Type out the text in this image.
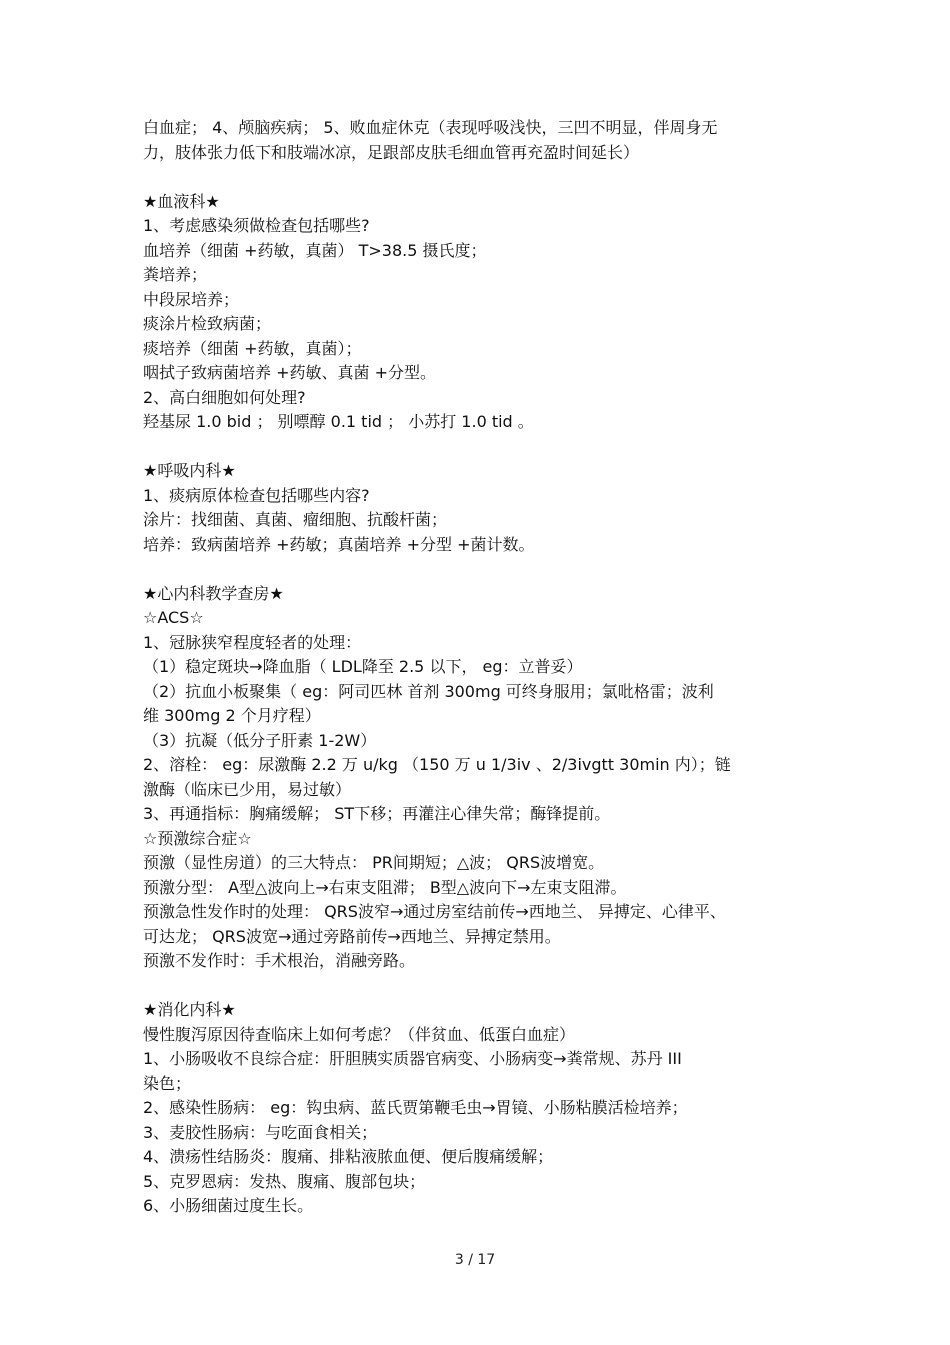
白血症； 4、颅脑疾病； 5、败血症休克（表现呼吸浅快，三凹不明显，伴周身无

力，肢体张力低下和肢端冰凉，足跟部皮肤毛细血管再充盈时间延长）

★血液科★

1、考虑感染须做检查包括哪些?

血培养（细菌 +药敏，真菌） T>38.5 摄氏度；

粪培养；

中段尿培养；

痰涂片检致病菌；

痰培养（细菌 +药敏，真菌）；

咽拭子致病菌培养 +药敏、真菌 +分型。

2、高白细胞如何处理?

羟基尿 1.0 bid ； 别嘌醇 0.1 tid ； 小苏打 1.0 tid 。

★呼吸内科★

1、痰病原体检查包括哪些内容?

涂片：找细菌、真菌、瘤细胞、抗酸杆菌；

培养：致病菌培养 +药敏；真菌培养 +分型 +菌计数。

★心内科教学查房★

☆ACS☆

1、冠脉狭窄程度轻者的处理：

（1）稳定斑块→降血脂（ LDL降至 2.5 以下， eg：立普妥）

（2）抗血小板聚集（ eg：阿司匹林 首剂 300mg 可终身服用；氯吡格雷；波利

维 300mg 2 个月疗程）

（3）抗凝（低分子肝素 1-2W）

2、溶栓： eg：尿激酶 2.2 万 u/kg （150 万 u 1/3iv 、2/3ivgtt 30min 内）；链

激酶（临床已少用，易过敏）

3、再通指标：胸痛缓解； ST下移；再灌注心律失常；酶锋提前。

☆预激综合症☆

预激（显性房道）的三大特点： PR间期短；△波； QRS波增宽。

预激分型： A型△波向上→右束支阻滞； B型△波向下→左束支阻滞。

预激急性发作时的处理： QRS波窄→通过房室结前传→西地兰、 异搏定、心律平、

可达龙； QRS波宽→通过旁路前传→西地兰、异搏定禁用。

预激不发作时：手术根治，消融旁路。

★消化内科★

慢性腹泻原因待查临床上如何考虑？（伴贫血、低蛋白血症）

1、小肠吸收不良综合症：肝胆胰实质器官病变、小肠病变→粪常规、苏丹 III

染色；

2、感染性肠病： eg：钩虫病、蓝氏贾第鞭毛虫→胃镜、小肠粘膜活检培养；

3、麦胶性肠病：与吃面食相关；

4、溃疡性结肠炎：腹痛、排粘液脓血便、便后腹痛缓解；

5、克罗恩病：发热、腹痛、腹部包块；

6、小肠细菌过度生长。

3 / 17
